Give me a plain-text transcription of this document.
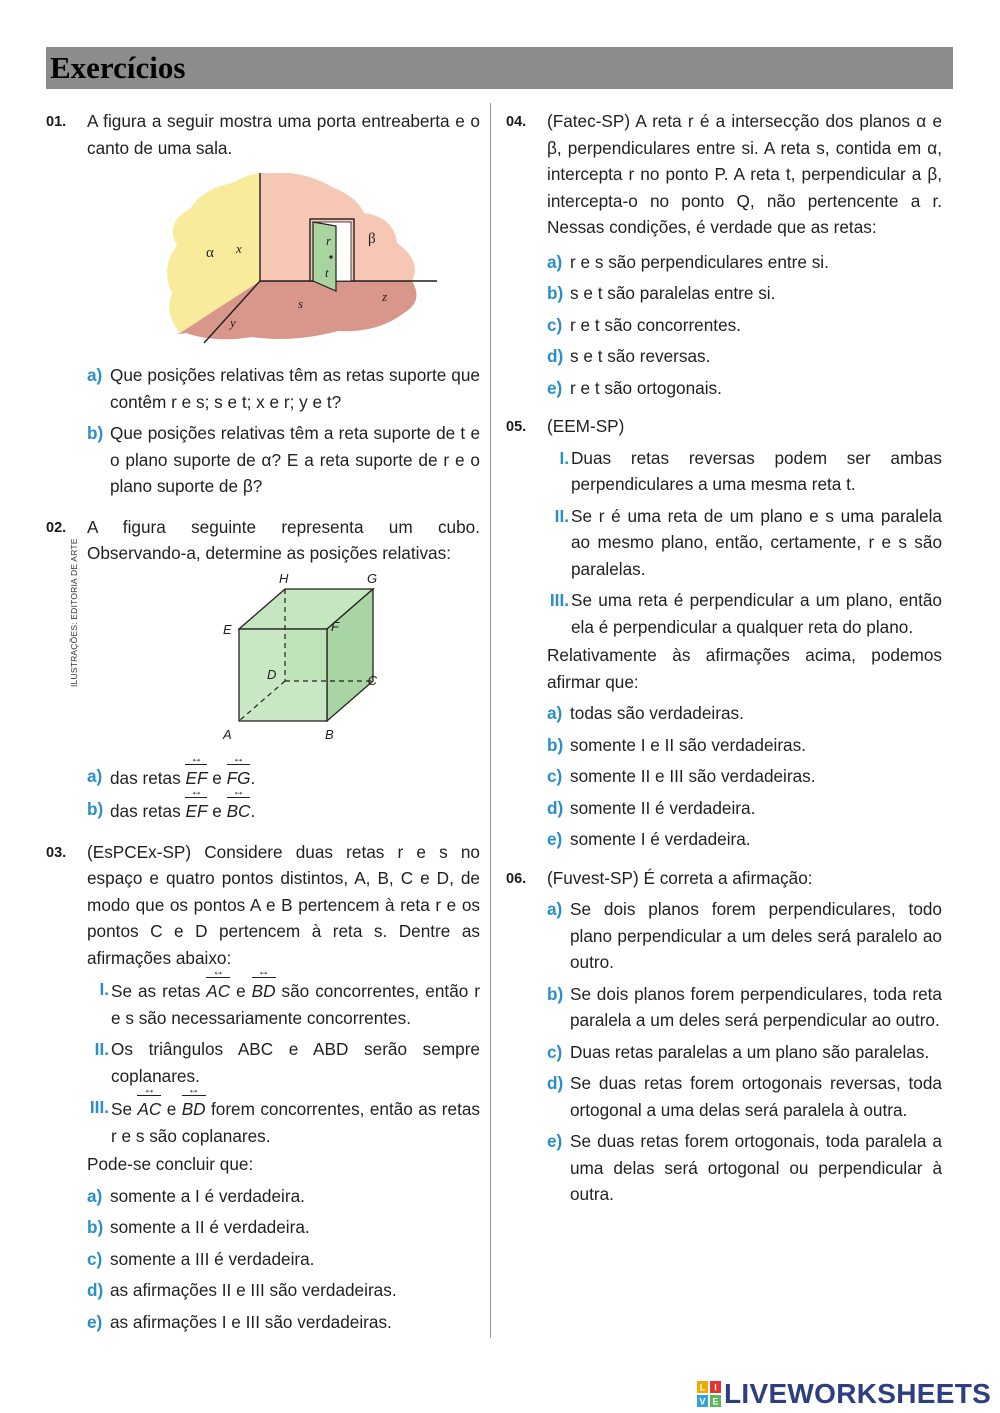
Exercícios
01. A figura a seguir mostra uma porta entreaberta e o canto de uma sala.
s	z
r
t
β
α x
y
a) Que posições relativas têm as retas suporte que contêm r e s; s e t; x e r; y e t?
b) Que posições relativas têm a reta suporte de t e o plano suporte de α? E a reta suporte de r e o plano suporte de β?
02. A figura seguinte representa um cubo. Observando-a, determine as posições relativas:
ILUSTRAÇÕES: EDITORIA DE ARTE	H	G
E	F
D	C
A	B
a) das retas EF ↔ e FG ↔.
b) das retas EF ↔ e BC ↔.
03. (EsPCEx-SP) Considere duas retas r e s no espaço e quatro pontos distintos, A, B, C e D, de modo que os pontos A e B pertencem à reta r e os pontos C e D pertencem à reta s. Dentre as afirmações abaixo:
I. Se as retas AC ↔ e BD ↔ são concorrentes, então r e s são necessariamente concorrentes.
II. Os triângulos ABC e ABD serão sempre coplanares.
III. Se AC ↔ e BD ↔ forem concorrentes, então as retas r e s são coplanares.
Pode-se concluir que:
a) somente a I é verdadeira.
b) somente a II é verdadeira.
c) somente a III é verdadeira.
d) as afirmações II e III são verdadeiras.
e) as afirmações I e III são verdadeiras.
04. (Fatec-SP) A reta r é a intersecção dos planos α e β, perpendiculares entre si. A reta s, contida em α, intercepta r no ponto P. A reta t, perpendicular a β, intercepta-o no ponto Q, não pertencente a r. Nessas condições, é verdade que as retas:
a) r e s são perpendiculares entre si.
b) s e t são paralelas entre si.
c) r e t são concorrentes.
d) s e t são reversas.
e) r e t são ortogonais.
05. (EEM-SP)
I. Duas retas reversas podem ser ambas perpendiculares a uma mesma reta t.
II. Se r é uma reta de um plano e s uma paralela ao mesmo plano, então, certamente, r e s são paralelas.
III. Se uma reta é perpendicular a um plano, então ela é perpendicular a qualquer reta do plano.
Relativamente às afirmações acima, podemos afirmar que:
a) todas são verdadeiras.
b) somente I e II são verdadeiras.
c) somente II e III são verdadeiras.
d) somente II é verdadeira.
e) somente I é verdadeira.
06. (Fuvest-SP) É correta a afirmação:
a) Se dois planos forem perpendiculares, todo plano perpendicular a um deles será paralelo ao outro.
b) Se dois planos forem perpendiculares, toda reta paralela a um deles será perpendicular ao outro.
c) Duas retas paralelas a um plano são paralelas.
d) Se duas retas forem ortogonais reversas, toda ortogonal a uma delas será paralela à outra.
e) Se duas retas forem ortogonais, toda paralela a uma delas será ortogonal ou perpendicular à outra.
L I
V E LIVEWORKSHEETS
